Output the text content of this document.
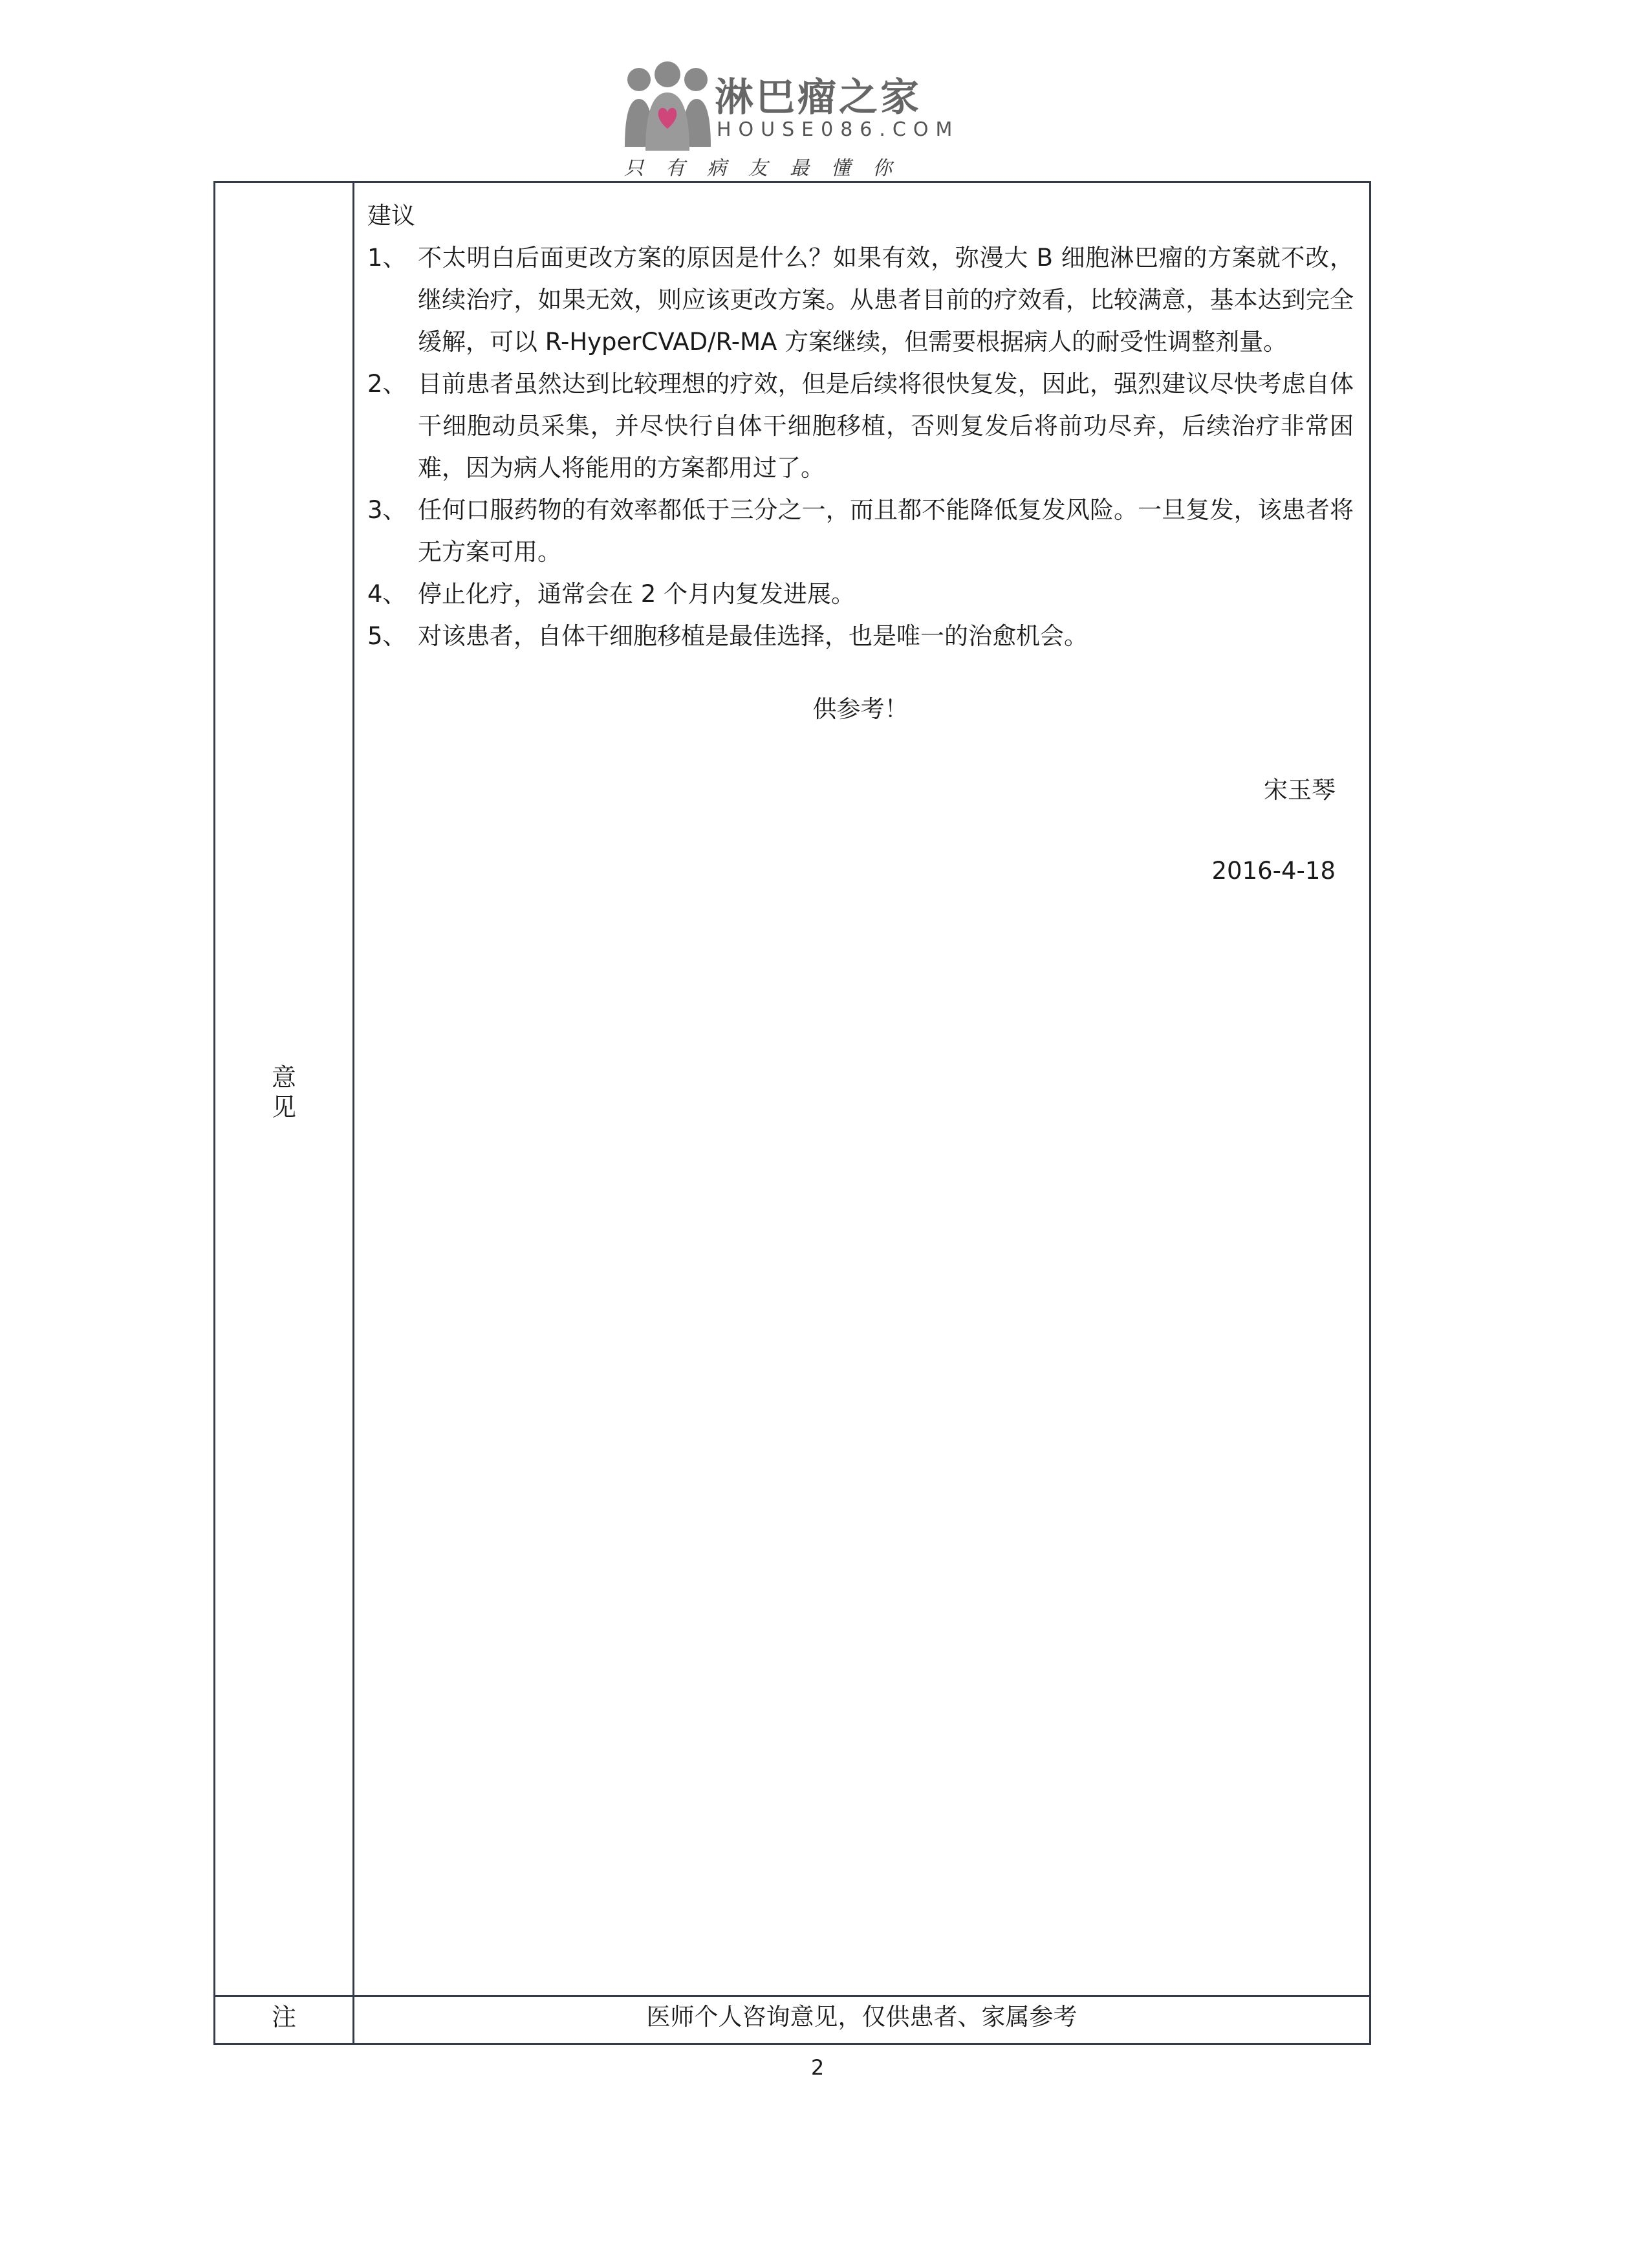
淋巴瘤之家
HOUSE086.COM
只有病友最懂你
意见
建议
1、 不太明白后面更改方案的原因是什么？如果有效，弥漫大 B 细胞淋巴瘤的方案就不改，继续治疗，如果无效，则应该更改方案。从患者目前的疗效看，比较满意，基本达到完全缓解，可以 R-HyperCVAD/R-MA 方案继续，但需要根据病人的耐受性调整剂量。
2、 目前患者虽然达到比较理想的疗效，但是后续将很快复发，因此，强烈建议尽快考虑自体干细胞动员采集，并尽快行自体干细胞移植，否则复发后将前功尽弃，后续治疗非常困难，因为病人将能用的方案都用过了。
3、 任何口服药物的有效率都低于三分之一，而且都不能降低复发风险。一旦复发，该患者将无方案可用。
4、 停止化疗，通常会在 2 个月内复发进展。
5、 对该患者，自体干细胞移植是最佳选择，也是唯一的治愈机会。
供参考！
宋玉琴
2016-4-18
注	医师个人咨询意见，仅供患者、家属参考
2
